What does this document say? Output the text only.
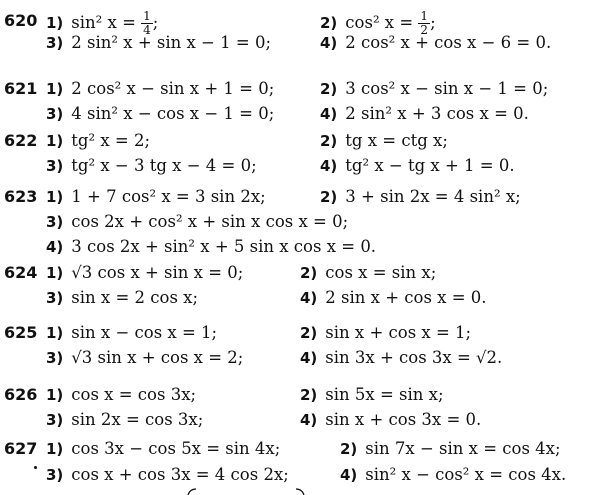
620 1) sin² $x = \frac{1}{4}$ ;	2) cos² $x = \frac{1}{2}$ ;
3) 2 sin² x + sin x − 1 = 0;	4) 2 cos² x + cos x − 6 = 0.
621 1) 2 cos² x − sin x + 1 = 0;	2) 3 cos² x − sin x − 1 = 0;
3) 4 sin² x − cos x − 1 = 0;	4) 2 sin² x + 3 cos x = 0.
622 1) tg² x = 2;	2) tg x = ctg x;
3) tg² x − 3 tg x − 4 = 0;	4) tg² x − tg x + 1 = 0.
623 1) 1 + 7 cos² x = 3 sin 2x;	2) 3 + sin 2x = 4 sin² x;
3) cos 2x + cos² x + sin x cos x = 0;
4) 3 cos 2x + sin² x + 5 sin x cos x = 0.
624 1) √3 cos x + sin x = 0;	2) cos x = sin x;
3) sin x = 2 cos x;	4) 2 sin x + cos x = 0.
625 1) sin x − cos x = 1;	2) sin x + cos x = 1;
3) √3 sin x + cos x = 2;	4) sin 3x + cos 3x = √2.
626 1) cos x = cos 3x;	2) sin 5x = sin x;
3) sin 2x = cos 3x;	4) sin x + cos 3x = 0.
627 1) cos 3x − cos 5x = sin 4x;	2) sin 7x − sin x = cos 4x;
3) cos x + cos 3x = 4 cos 2x;	4) sin² x − cos² x = cos 4x.
